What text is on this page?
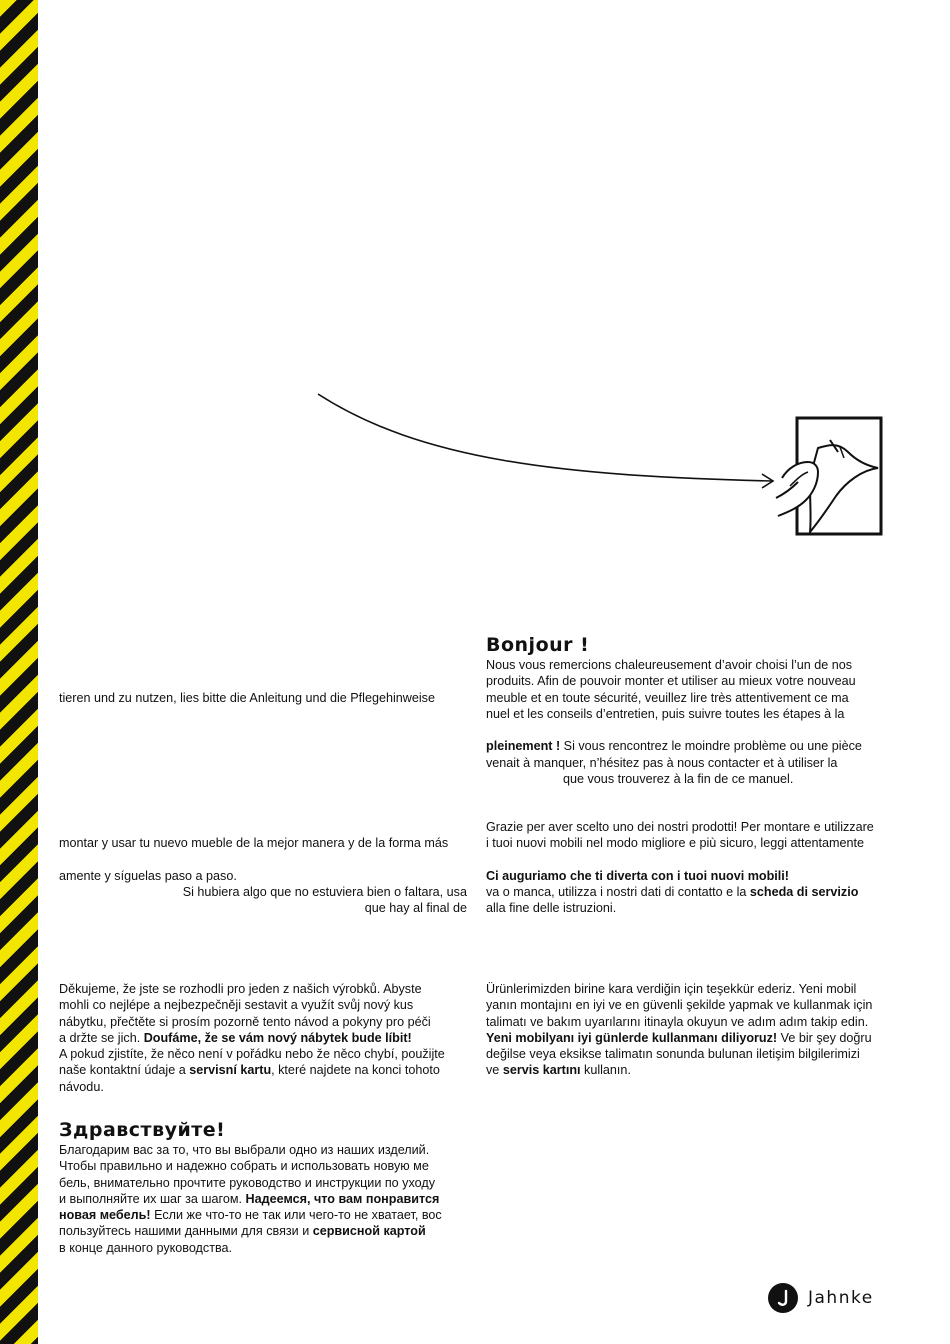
tieren und zu nutzen, lies bitte die Anleitung und die Pflegehinweise

Bonjour !

Nous vous remercions chaleureusement d’avoir choisi l’un de nos

produits. Afin de pouvoir monter et utiliser au mieux votre nouveau

meuble et en toute sécurité, veuillez lire très attentivement ce ma

nuel et les conseils d’entretien, puis suivre toutes les étapes à la

pleinement ! Si vous rencontrez le moindre problème ou une pièce

venait à manquer, n’hésitez pas à nous contacter et à utiliser la

que vous trouverez à la fin de ce manuel.

montar y usar tu nuevo mueble de la mejor manera y de la forma más

amente y síguelas paso a paso.

Si hubiera algo que no estuviera bien o faltara, usa

que hay al final de

Grazie per aver scelto uno dei nostri prodotti! Per montare e utilizzare

i tuoi nuovi mobili nel modo migliore e più sicuro, leggi attentamente

Ci auguriamo che ti diverta con i tuoi nuovi mobili!

va o manca, utilizza i nostri dati di contatto e la scheda di servizio

alla fine delle istruzioni.

Děkujeme, že jste se rozhodli pro jeden z našich výrobků. Abyste

mohli co nejlépe a nejbezpečněji sestavit a využít svůj nový kus

nábytku, přečtěte si prosím pozorně tento návod a pokyny pro péči

a držte se jich. Doufáme, že se vám nový nábytek bude líbit!

A pokud zjistíte, že něco není v pořádku nebo že něco chybí, použijte

naše kontaktní údaje a servisní kartu, které najdete na konci tohoto

návodu.

Ürünlerimizden birine kara verdiğin için teşekkür ederiz. Yeni mobil

yanın montajını en iyi ve en güvenli şekilde yapmak ve kullanmak için

talimatı ve bakım uyarılarını itinayla okuyun ve adım adım takip edin.

Yeni mobilyanı iyi günlerde kullanmanı diliyoruz! Ve bir şey doğru

değilse veya eksikse talimatın sonunda bulunan iletişim bilgilerimizi

ve servis kartını kullanın.

Здравствуйте!

Благодарим вас за то, что вы выбрали одно из наших изделий.

Чтобы правильно и надежно собрать и использовать новую ме

бель, внимательно прочтите руководство и инструкции по уходу

и выполняйте их шаг за шагом. Надеемся, что вам понравится

новая мебель! Если же что-то не так или чего-то не хватает, вос

пользуйтесь нашими данными для связи и сервисной картой

в конце данного руководства.

Jahnke
